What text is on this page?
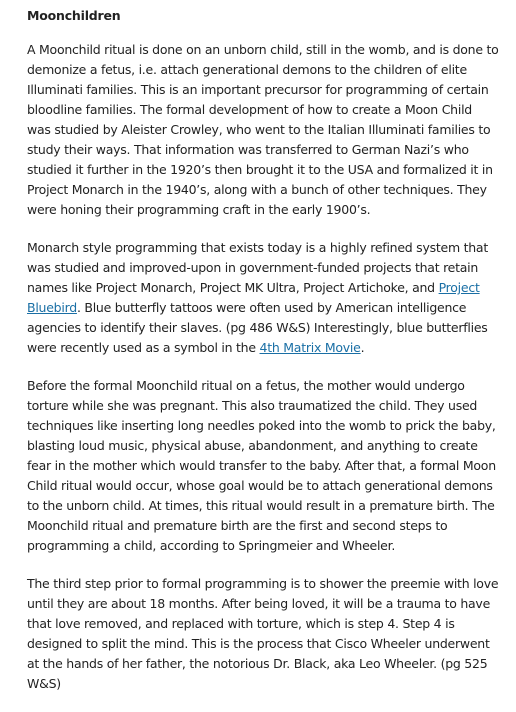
Moonchildren

A Moonchild ritual is done on an unborn child, still in the womb, and is done to demonize a fetus, i.e. attach generational demons to the children of elite Illuminati families. This is an important precursor for programming of certain bloodline families. The formal development of how to create a Moon Child was studied by Aleister Crowley, who went to the Italian Illuminati families to study their ways. That information was transferred to German Nazi’s who studied it further in the 1920’s then brought it to the USA and formalized it in Project Monarch in the 1940’s, along with a bunch of other techniques. They were honing their programming craft in the early 1900’s.

Monarch style programming that exists today is a highly refined system that was studied and improved-upon in government-funded projects that retain names like Project Monarch, Project MK Ultra, Project Artichoke, and Project Bluebird. Blue butterfly tattoos were often used by American intelligence agencies to identify their slaves. (pg 486 W&S) Interestingly, blue butterflies were recently used as a symbol in the 4th Matrix Movie.

Before the formal Moonchild ritual on a fetus, the mother would undergo torture while she was pregnant. This also traumatized the child. They used techniques like inserting long needles poked into the womb to prick the baby, blasting loud music, physical abuse, abandonment, and anything to create fear in the mother which would transfer to the baby. After that, a formal Moon Child ritual would occur, whose goal would be to attach generational demons to the unborn child. At times, this ritual would result in a premature birth. The Moonchild ritual and premature birth are the first and second steps to programming a child, according to Springmeier and Wheeler.

The third step prior to formal programming is to shower the preemie with love until they are about 18 months. After being loved, it will be a trauma to have that love removed, and replaced with torture, which is step 4. Step 4 is designed to split the mind. This is the process that Cisco Wheeler underwent at the hands of her father, the notorious Dr. Black, aka Leo Wheeler. (pg 525 W&S)
